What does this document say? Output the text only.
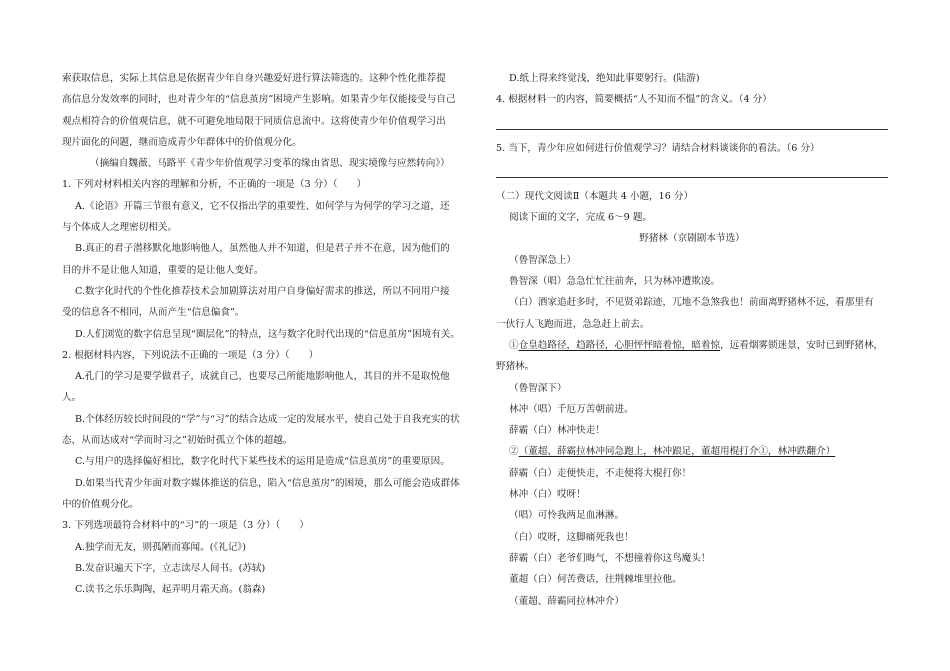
索获取信息，实际上其信息是依据青少年自身兴趣爱好进行算法筛选的。这种个性化推荐提
高信息分发效率的同时，也对青少年的“信息茧房”困境产生影响。如果青少年仅能接受与自己
观点相符合的价值观信息，就不可避免地局限于同质信息流中。这将使青少年价值观学习出
现片面化的问题，继而造成青少年群体中的价值观分化。
（摘编自魏薇、马路平《青少年价值观学习变革的缘由省思、现实境像与应然转向》）
1. 下列对材料相关内容的理解和分析，不正确的一项是（3 分）（　　）
A.《论语》开篇三节很有意义，它不仅指出学的重要性、如何学与为何学的学习之道，还
与个体成人之理密切相关。
B.真正的君子潜移默化地影响他人，虽然他人并不知道，但是君子并不在意，因为他们的
目的并不是让他人知道，重要的是让他人变好。
C.数字化时代的个性化推荐技术会加剧算法对用户自身偏好需求的推送，所以不同用户接
受的信息各不相同，从而产生“信息偏食”。
D.人们浏览的数字信息呈现“圈层化”的特点，这与数字化时代出现的“信息茧房”困境有关。
2. 根据材料内容，下列说法不正确的一项是（3 分）（　　）
A.孔门的学习是要学做君子，成就自己，也要尽己所能地影响他人，其目的并不是取悦他
人。
B.个体经历较长时间段的“学”与“习”的结合达成一定的发展水平，使自己处于自我充实的状
态，从而达成对“学而时习之”初始时孤立个体的超越。
C.与用户的选择偏好相比，数字化时代下某些技术的运用是造成“信息茧房”的重要原因。
D.如果当代青少年面对数字媒体推送的信息，陷入“信息茧房”的困境，那么可能会造成群体
中的价值观分化。
3. 下列选项最符合材料中的“习”的一项是（3 分）（　　）
A.独学而无友，则孤陋而寡闻。(《礼记》)
B.发奋识遍天下字，立志读尽人间书。(苏轼)
C.读书之乐乐陶陶，起弄明月霜天高。(翁森)
D.纸上得来终觉浅，绝知此事要躬行。(陆游)
4. 根据材料一的内容，简要概括“人不知而不愠”的含义。（4 分）
5. 当下，青少年应如何进行价值观学习？请结合材料谈谈你的看法。（6 分）
（二）现代文阅读Ⅱ（本题共 4 小题，16 分）
阅读下面的文字，完成 6～9 题。
野猪林（京剧剧本节选）
（鲁智深急上）
鲁智深（唱）急急忙忙往前奔，只为林冲遭欺凌。
（白）洒家追赶多时，不见贤弟踪迹，兀地不急煞我也！前面离野猪林不远，看那里有
一伙行人飞跑而进，急急赶上前去。
①仓皇趋路径，趋路径，心胆怦怦暗着惊，暗着惊，远看烟雾锁迷景，安时已到野猪林，
野猪林。
（鲁智深下）
林冲（唱）千厄万苦朝前进。
薛霸（白）林冲快走！
②（董超、薛霸拉林冲同急跑上，林冲踉足，董超用棍打介①，林冲跌翻介）
薛霸（白）走便快走，不走便将大棍打你！
林冲（白）哎呀！
（唱）可怜我两足血淋淋。
（白）哎呀，这脚痛死我也！
薛霸（白）老爷们晦气，不想撞着你这鸟魔头！
董超（白）何苦费话，往荆棘堆里拉他。
（董超、薛霸同拉林冲介）
